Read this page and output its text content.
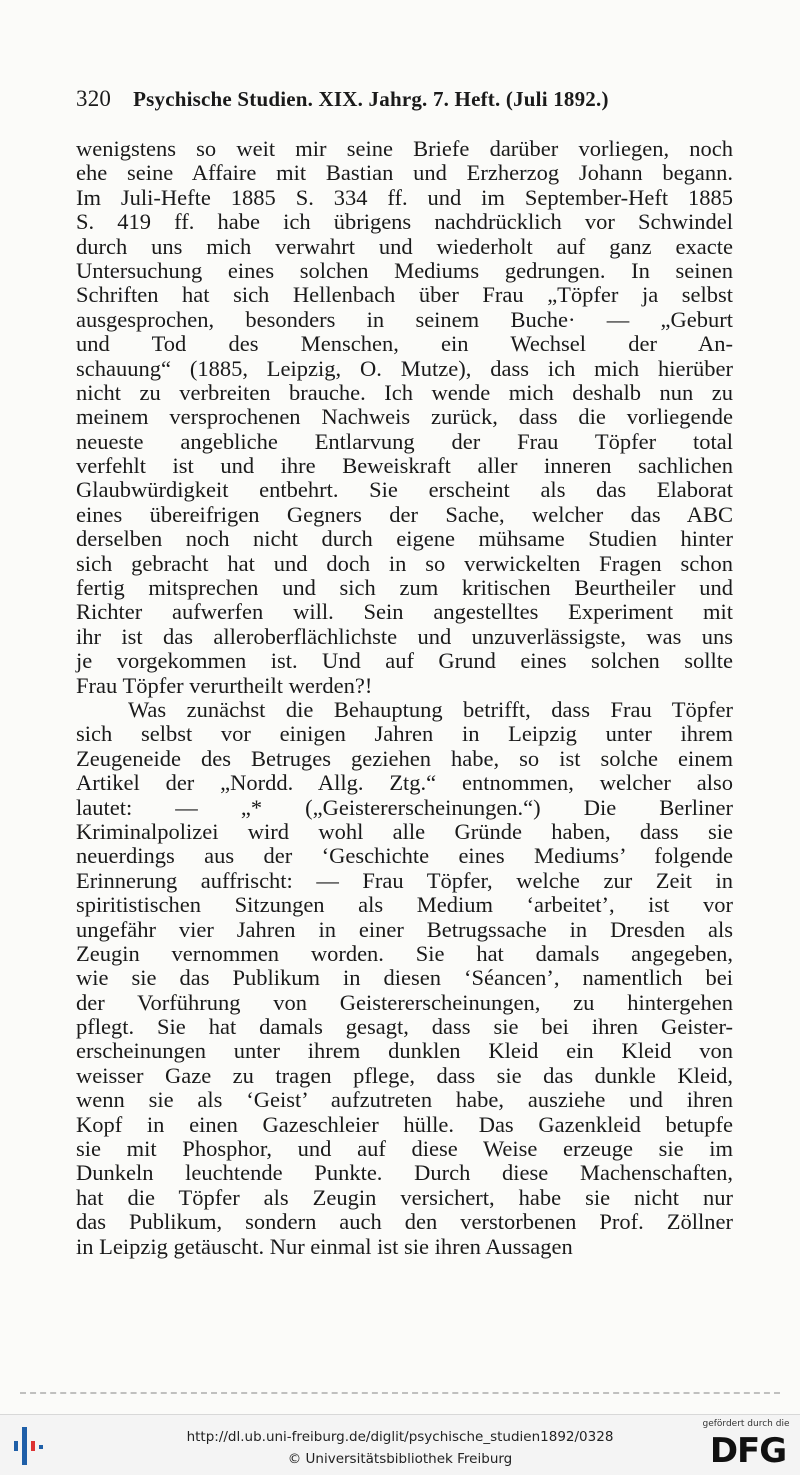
320 Psychische Studien. XIX. Jahrg. 7. Heft. (Juli 1892.)
wenigstens so weit mir seine Briefe darüber vorliegen, noch
ehe seine Affaire mit Bastian und Erzherzog Johann begann.
Im Juli-Hefte 1885 S. 334 ff. und im September-Heft 1885
S. 419 ff. habe ich übrigens nachdrücklich vor Schwindel
durch uns mich verwahrt und wiederholt auf ganz exacte
Untersuchung eines solchen Mediums gedrungen. In seinen
Schriften hat sich Hellenbach über Frau „Töpfer ja selbst
ausgesprochen, besonders in seinem Buche· — „Geburt
und Tod des Menschen, ein Wechsel der An-
schauung“ (1885, Leipzig, O. Mutze), dass ich mich hierüber
nicht zu verbreiten brauche. Ich wende mich deshalb nun zu
meinem versprochenen Nachweis zurück, dass die vorliegende
neueste angebliche Entlarvung der Frau Töpfer total
verfehlt ist und ihre Beweiskraft aller inneren sachlichen
Glaubwürdigkeit entbehrt. Sie erscheint als das Elaborat
eines übereifrigen Gegners der Sache, welcher das ABC
derselben noch nicht durch eigene mühsame Studien hinter
sich gebracht hat und doch in so verwickelten Fragen schon
fertig mitsprechen und sich zum kritischen Beurtheiler und
Richter aufwerfen will. Sein angestelltes Experiment mit
ihr ist das alleroberflächlichste und unzuverlässigste, was uns
je vorgekommen ist. Und auf Grund eines solchen sollte
Frau Töpfer verurtheilt werden?!
Was zunächst die Behauptung betrifft, dass Frau Töpfer
sich selbst vor einigen Jahren in Leipzig unter ihrem
Zeugeneide des Betruges geziehen habe, so ist solche einem
Artikel der „Nordd. Allg. Ztg.“ entnommen, welcher also
lautet: — „* („Geistererscheinungen.“) Die Berliner
Kriminalpolizei wird wohl alle Gründe haben, dass sie
neuerdings aus der ‘Geschichte eines Mediums’ folgende
Erinnerung auffrischt: — Frau Töpfer, welche zur Zeit in
spiritistischen Sitzungen als Medium ‘arbeitet’, ist vor
ungefähr vier Jahren in einer Betrugssache in Dresden als
Zeugin vernommen worden. Sie hat damals angegeben,
wie sie das Publikum in diesen ‘Séancen’, namentlich bei
der Vorführung von Geistererscheinungen, zu hintergehen
pflegt. Sie hat damals gesagt, dass sie bei ihren Geister-
erscheinungen unter ihrem dunklen Kleid ein Kleid von
weisser Gaze zu tragen pflege, dass sie das dunkle Kleid,
wenn sie als ‘Geist’ aufzutreten habe, ausziehe und ihren
Kopf in einen Gazeschleier hülle. Das Gazenkleid betupfe
sie mit Phosphor, und auf diese Weise erzeuge sie im
Dunkeln leuchtende Punkte. Durch diese Machenschaften,
hat die Töpfer als Zeugin versichert, habe sie nicht nur
das Publikum, sondern auch den verstorbenen Prof. Zöllner
in Leipzig getäuscht. Nur einmal ist sie ihren Aussagen
http://dl.ub.uni-freiburg.de/diglit/psychische_studien1892/0328
© Universitätsbibliothek Freiburg
gefördert durch die
DFG
